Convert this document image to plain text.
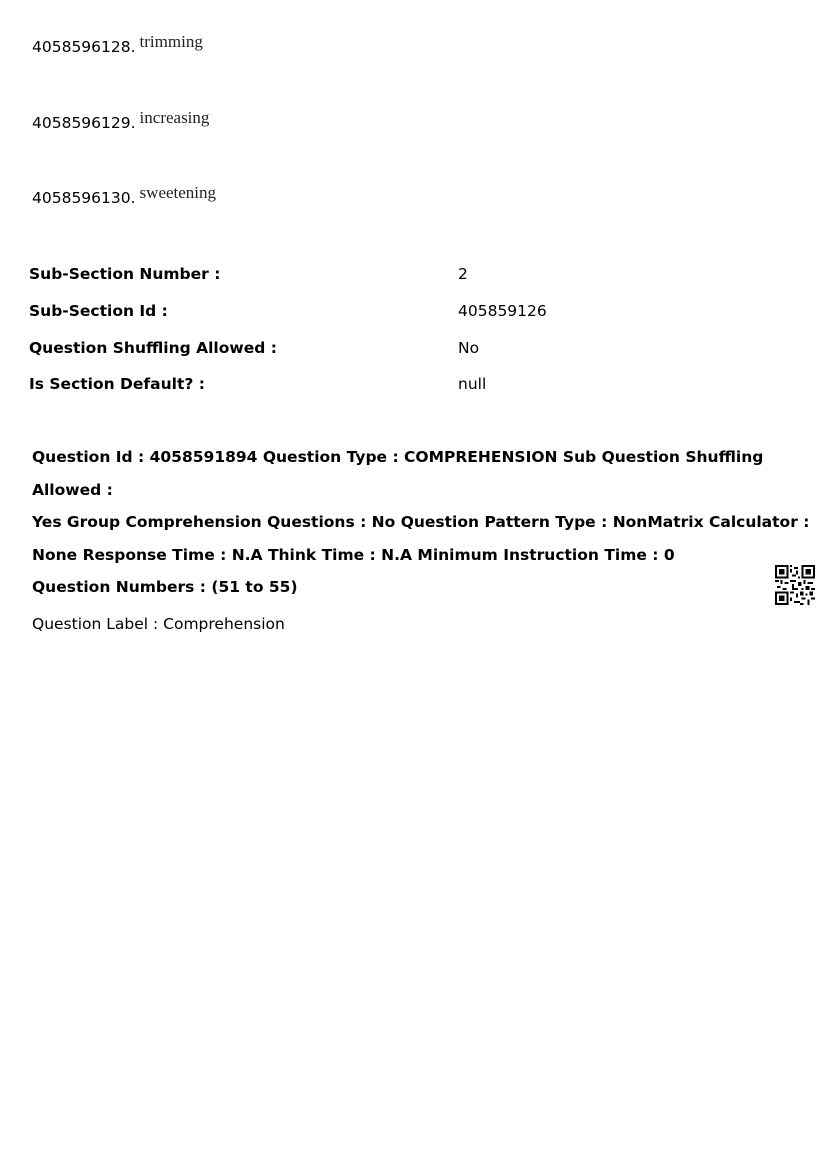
4058596128. trimming
4058596129. increasing
4058596130. sweetening
Sub-Section Number :	2
Sub-Section Id :	405859126
Question Shuffling Allowed :	No
Is Section Default? :	null
Question Id : 4058591894 Question Type : COMPREHENSION Sub Question Shuffling Allowed :
Yes Group Comprehension Questions : No Question Pattern Type : NonMatrix Calculator :
None Response Time : N.A Think Time : N.A Minimum Instruction Time : 0
Question Numbers : (51 to 55)
Question Label : Comprehension
